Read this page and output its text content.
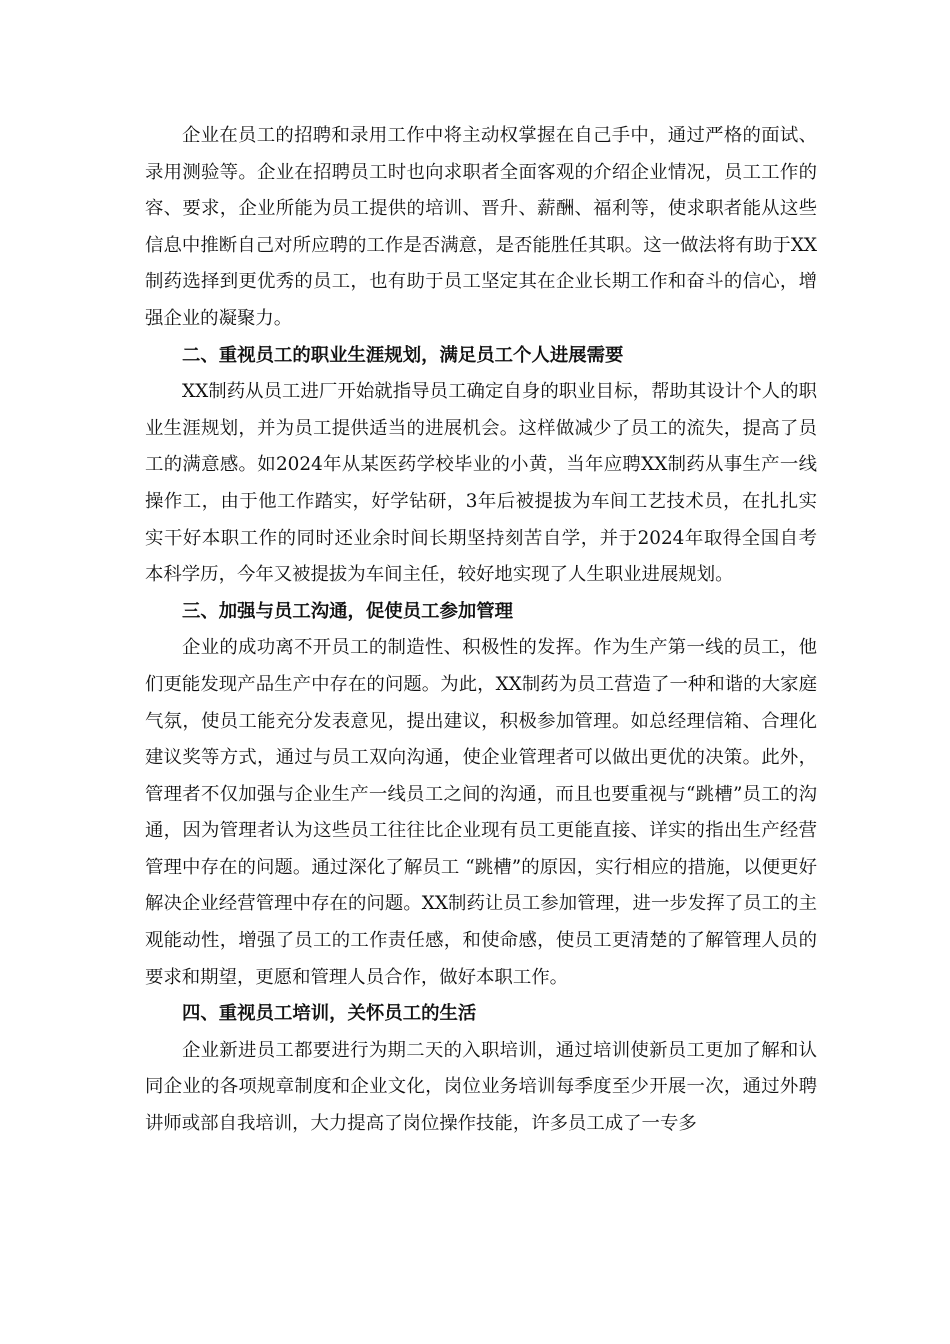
企业在员工的招聘和录用工作中将主动权掌握在自己手中，通过严格的面试、录用测验等。企业在招聘员工时也向求职者全面客观的介绍企业情况，员工工作的容、要求，企业所能为员工提供的培训、晋升、薪酬、福利等，使求职者能从这些信息中推断自己对所应聘的工作是否满意，是否能胜任其职。这一做法将有助于XX制药选择到更优秀的员工，也有助于员工坚定其在企业长期工作和奋斗的信心，增强企业的凝聚力。

二、重视员工的职业生涯规划，满足员工个人进展需要

XX制药从员工进厂开始就指导员工确定自身的职业目标，帮助其设计个人的职业生涯规划，并为员工提供适当的进展机会。这样做减少了员工的流失，提高了员工的满意感。如2024年从某医药学校毕业的小黄，当年应聘XX制药从事生产一线操作工，由于他工作踏实，好学钻研，3年后被提拔为车间工艺技术员，在扎扎实实干好本职工作的同时还业余时间长期坚持刻苦自学，并于2024年取得全国自考本科学历，今年又被提拔为车间主任，较好地实现了人生职业进展规划。

三、加强与员工沟通，促使员工参加管理

企业的成功离不开员工的制造性、积极性的发挥。作为生产第一线的员工，他们更能发现产品生产中存在的问题。为此，XX制药为员工营造了一种和谐的大家庭气氛，使员工能充分发表意见，提出建议，积极参加管理。如总经理信箱、合理化建议奖等方式，通过与员工双向沟通，使企业管理者可以做出更优的决策。此外，管理者不仅加强与企业生产一线员工之间的沟通，而且也要重视与“跳槽”员工的沟通，因为管理者认为这些员工往往比企业现有员工更能直接、详实的指出生产经营管理中存在的问题。通过深化了解员工 “跳槽”的原因，实行相应的措施，以便更好解决企业经营管理中存在的问题。XX制药让员工参加管理，进一步发挥了员工的主观能动性，增强了员工的工作责任感，和使命感，使员工更清楚的了解管理人员的要求和期望，更愿和管理人员合作，做好本职工作。

四、重视员工培训，关怀员工的生活

企业新进员工都要进行为期二天的入职培训，通过培训使新员工更加了解和认同企业的各项规章制度和企业文化，岗位业务培训每季度至少开展一次，通过外聘讲师或部自我培训，大力提高了岗位操作技能，许多员工成了一专多
